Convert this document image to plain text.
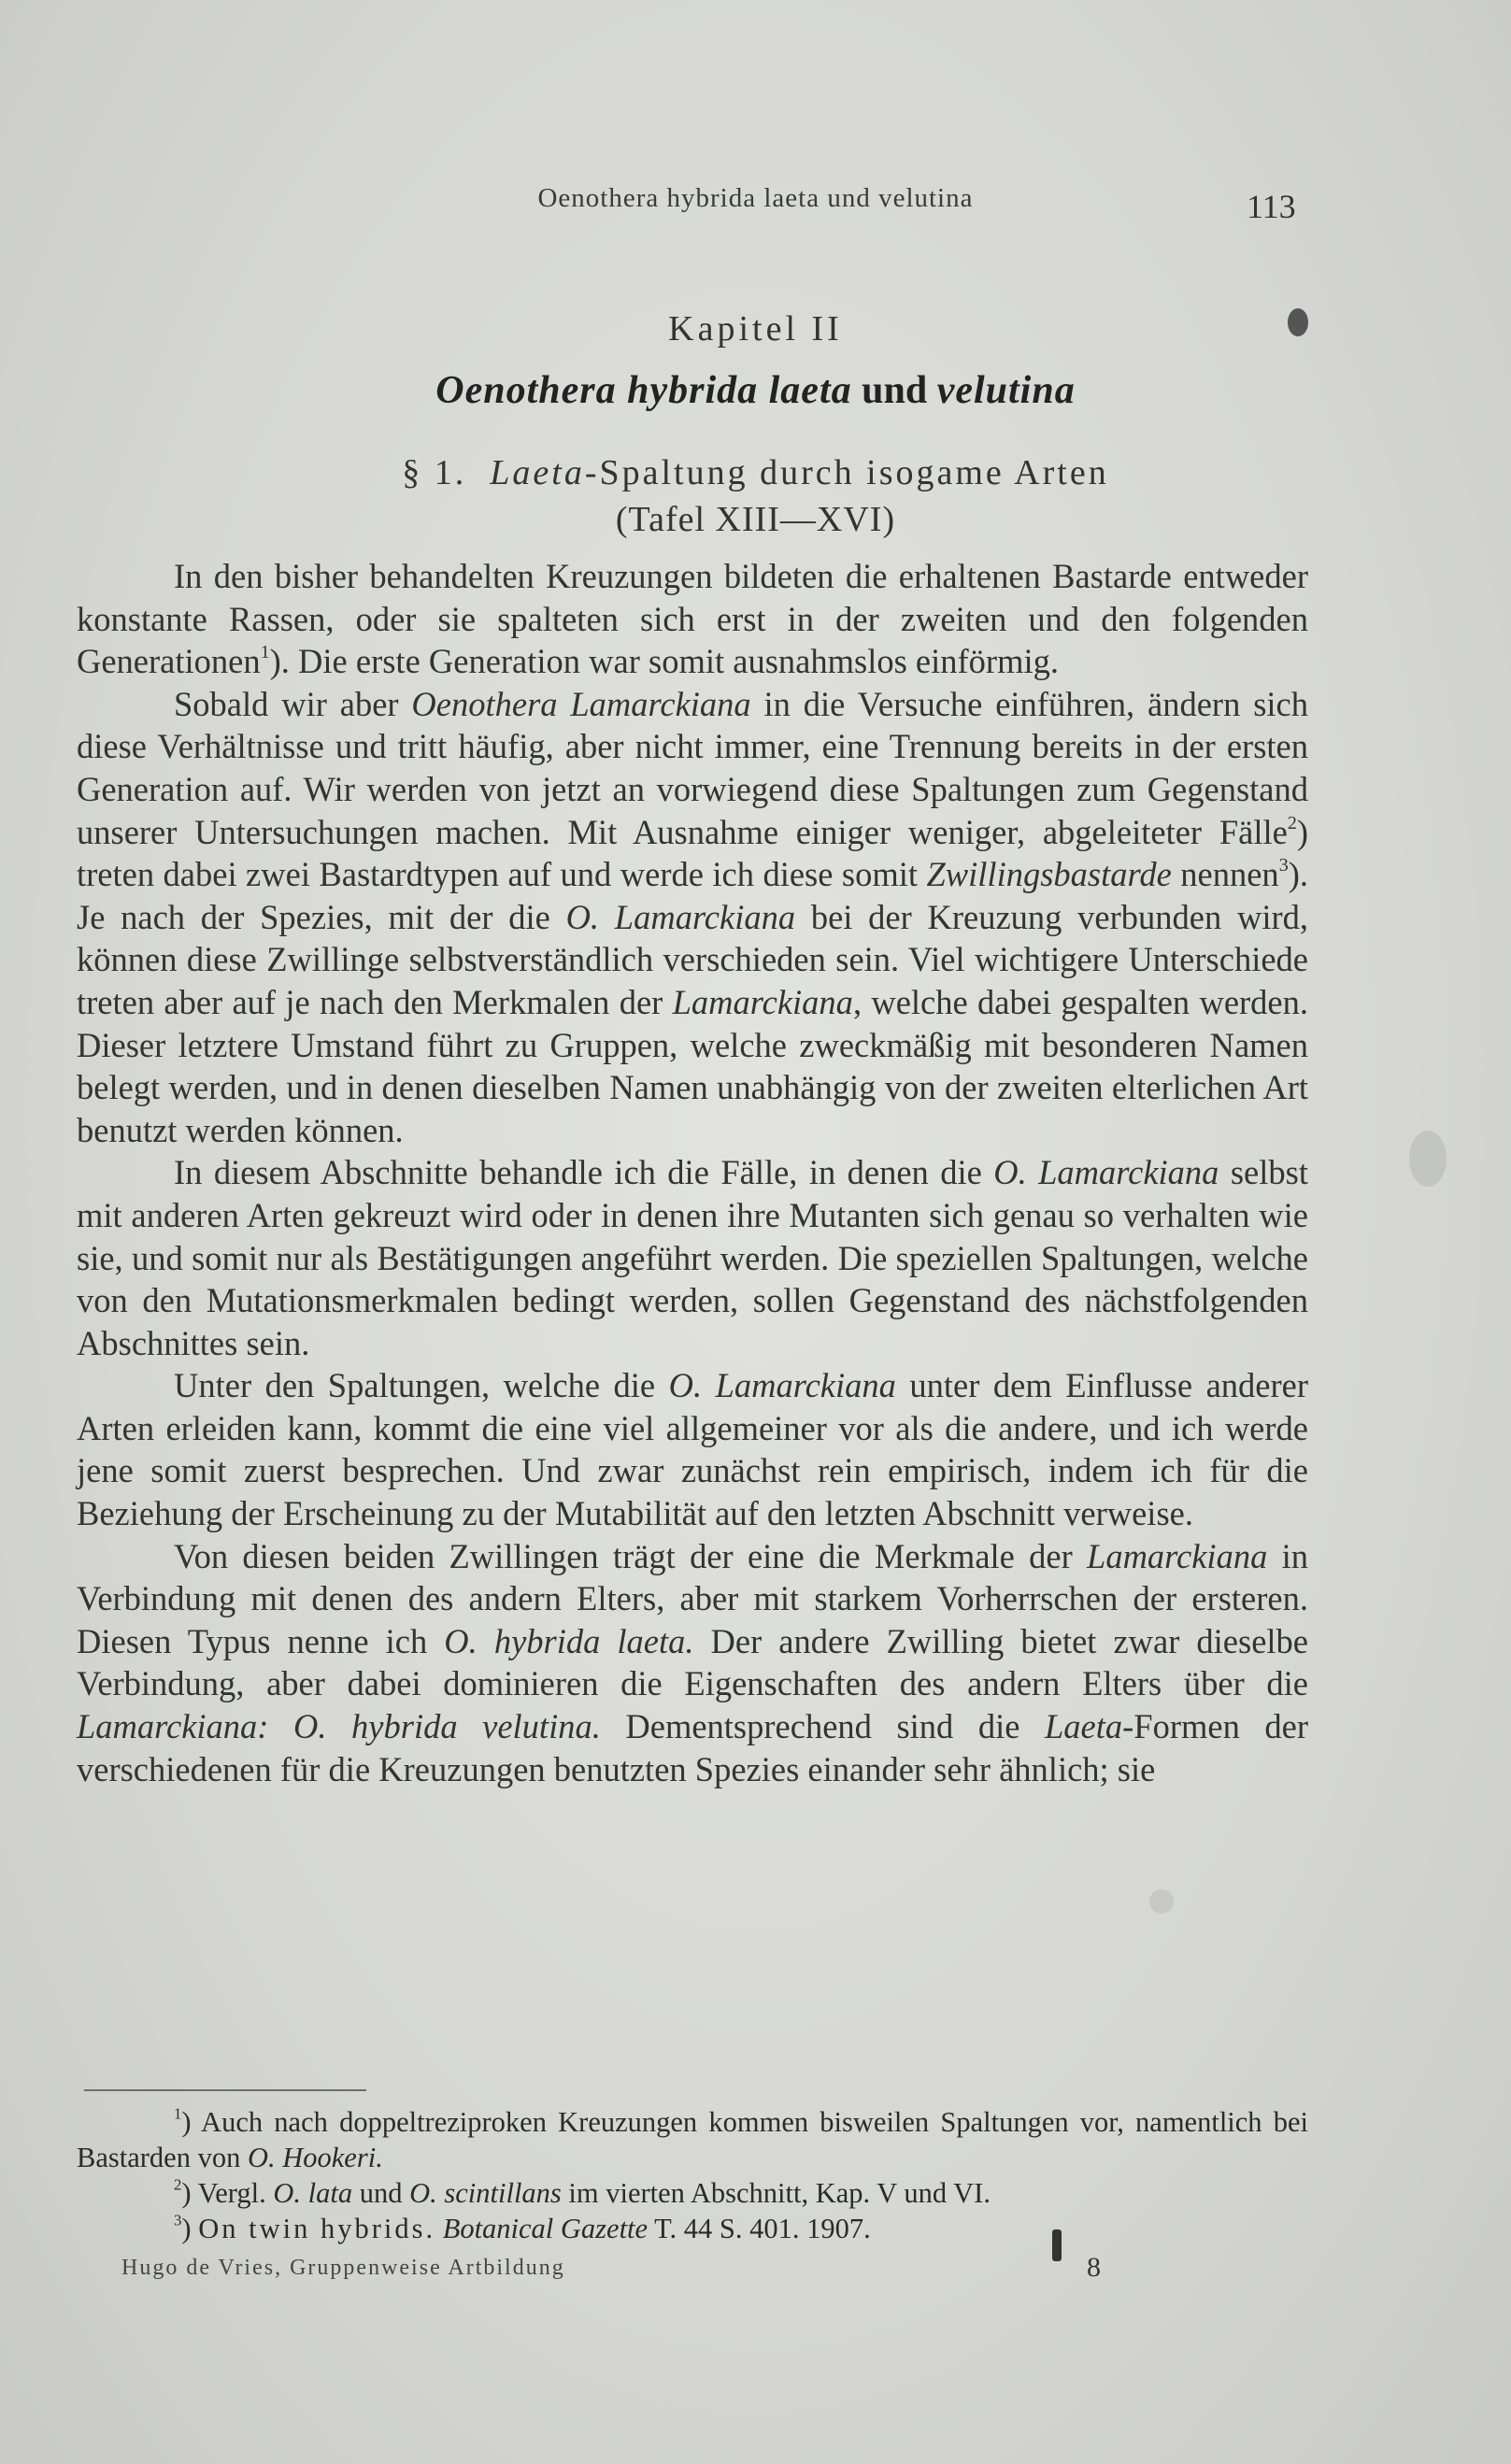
Oenothera hybrida laeta und velutina	113
Kapitel II
Oenothera hybrida laeta und velutina
§ 1. Laeta-Spaltung durch isogame Arten
(Tafel XIII—XVI)

In den bisher behandelten Kreuzungen bildeten die erhaltenen Bastarde entweder konstante Rassen, oder sie spalteten sich erst in der zweiten und den folgenden Generationen$^1$). Die erste Generation war somit ausnahmslos einförmig.

Sobald wir aber Oenothera Lamarckiana in die Versuche einführen, ändern sich diese Verhältnisse und tritt häufig, aber nicht immer, eine Trennung bereits in der ersten Generation auf. Wir werden von jetzt an vorwiegend diese Spaltungen zum Gegenstand unserer Untersuchungen machen. Mit Ausnahme einiger weniger, abgeleiteter Fälle$^2$) treten dabei zwei Bastardtypen auf und werde ich diese somit Zwillingsbastarde nennen$^3$). Je nach der Spezies, mit der die O. Lamarckiana bei der Kreuzung verbunden wird, können diese Zwillinge selbstverständlich verschieden sein. Viel wichtigere Unterschiede treten aber auf je nach den Merkmalen der Lamarckiana, welche dabei gespalten werden. Dieser letztere Umstand führt zu Gruppen, welche zweckmäßig mit besonderen Namen belegt werden, und in denen dieselben Namen unabhängig von der zweiten elterlichen Art benutzt werden können.

In diesem Abschnitte behandle ich die Fälle, in denen die O. Lamarckiana selbst mit anderen Arten gekreuzt wird oder in denen ihre Mutanten sich genau so verhalten wie sie, und somit nur als Bestätigungen angeführt werden. Die speziellen Spaltungen, welche von den Mutationsmerkmalen bedingt werden, sollen Gegenstand des nächstfolgenden Abschnittes sein.

Unter den Spaltungen, welche die O. Lamarckiana unter dem Einflusse anderer Arten erleiden kann, kommt die eine viel allgemeiner vor als die andere, und ich werde jene somit zuerst besprechen. Und zwar zunächst rein empirisch, indem ich für die Beziehung der Erscheinung zu der Mutabilität auf den letzten Abschnitt verweise.

Von diesen beiden Zwillingen trägt der eine die Merkmale der Lamarckiana in Verbindung mit denen des andern Elters, aber mit starkem Vorherrschen der ersteren. Diesen Typus nenne ich O. hybrida laeta. Der andere Zwilling bietet zwar dieselbe Verbindung, aber dabei dominieren die Eigenschaften des andern Elters über die Lamarckiana: O. hybrida velutina. Dementsprechend sind die Laeta-Formen der verschiedenen für die Kreuzungen benutzten Spezies einander sehr ähnlich; sie

$^1$) Auch nach doppeltreziproken Kreuzungen kommen bisweilen Spaltungen vor, namentlich bei Bastarden von O. Hookeri.

$^2$) Vergl. O. lata und O. scintillans im vierten Abschnitt, Kap. V und VI.

$^3$) On twin hybrids. Botanical Gazette T. 44 S. 401. 1907.

Hugo de Vries, Gruppenweise Artbildung	8
